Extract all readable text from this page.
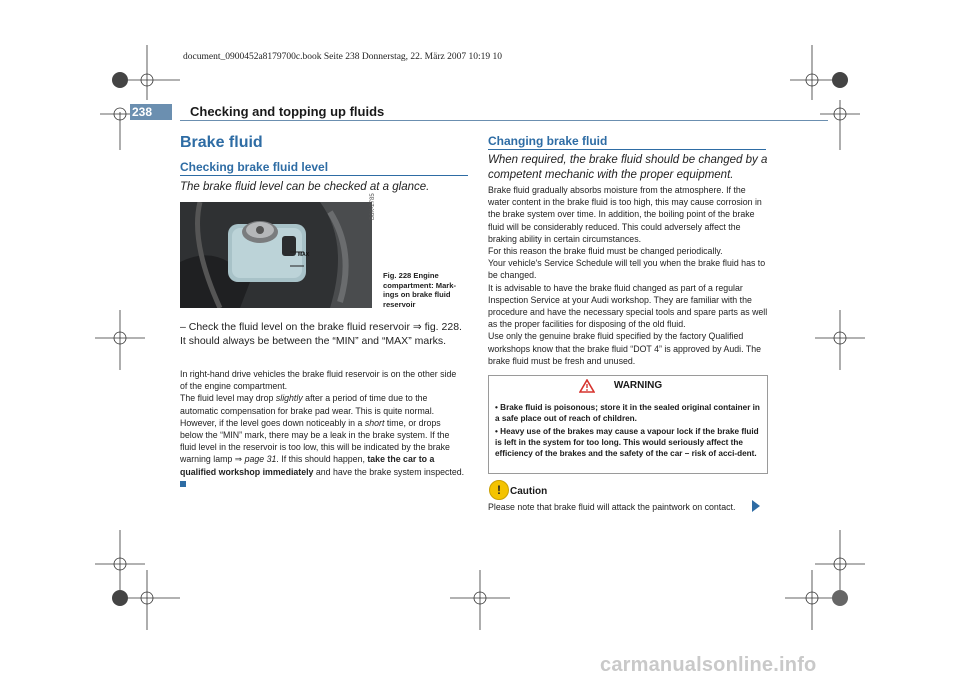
document_0900452a8179700c.book Seite 238 Donnerstag, 22. März 2007 10:19 10
238	Checking and topping up fluids
Brake fluid
Checking brake fluid level
The brake fluid level can be checked at a glance.
MAX
B8K-2785
Fig. 228 Engine compartment: Mark-ings on brake fluid reservoir
– Check the fluid level on the brake fluid reservoir ⇒ fig. 228. It should always be between the “MIN” and “MAX” marks.

In right-hand drive vehicles the brake fluid reservoir is on the other side of the engine compartment.

The fluid level may drop slightly after a period of time due to the automatic compensation for brake pad wear. This is quite normal.

However, if the level goes down noticeably in a short time, or drops below the “MIN” mark, there may be a leak in the brake system. If the fluid level in the reservoir is too low, this will be indicated by the brake warning lamp ⇒ page 31. If this should happen, take the car to a qualified workshop immediately and have the brake system inspected.

Changing brake fluid
When required, the brake fluid should be changed by a competent mechanic with the proper equipment.

Brake fluid gradually absorbs moisture from the atmosphere. If the water content in the brake fluid is too high, this may cause corrosion in the brake system over time. In addition, the boiling point of the brake fluid will be considerably reduced. This could adversely affect the braking ability in certain circumstances.

For this reason the brake fluid must be changed periodically.

Your vehicle's Service Schedule will tell you when the brake fluid has to be changed.

It is advisable to have the brake fluid changed as part of a regular Inspection Service at your Audi workshop. They are familiar with the procedure and have the necessary special tools and spare parts as well as the proper facilities for disposing of the old fluid.

Use only the genuine brake fluid specified by the factory Qualified workshops know that the brake fluid “DOT 4” is approved by Audi. The brake fluid must be fresh and unused.

WARNING
• Brake fluid is poisonous; store it in the sealed original container in a safe place out of reach of children.
• Heavy use of the brakes may cause a vapour lock if the brake fluid is left in the system for too long. This would seriously affect the efficiency of the brakes and the safety of the car – risk of acci-dent.
! Caution
Please note that brake fluid will attack the paintwork on contact.
carmanualsonline.info
